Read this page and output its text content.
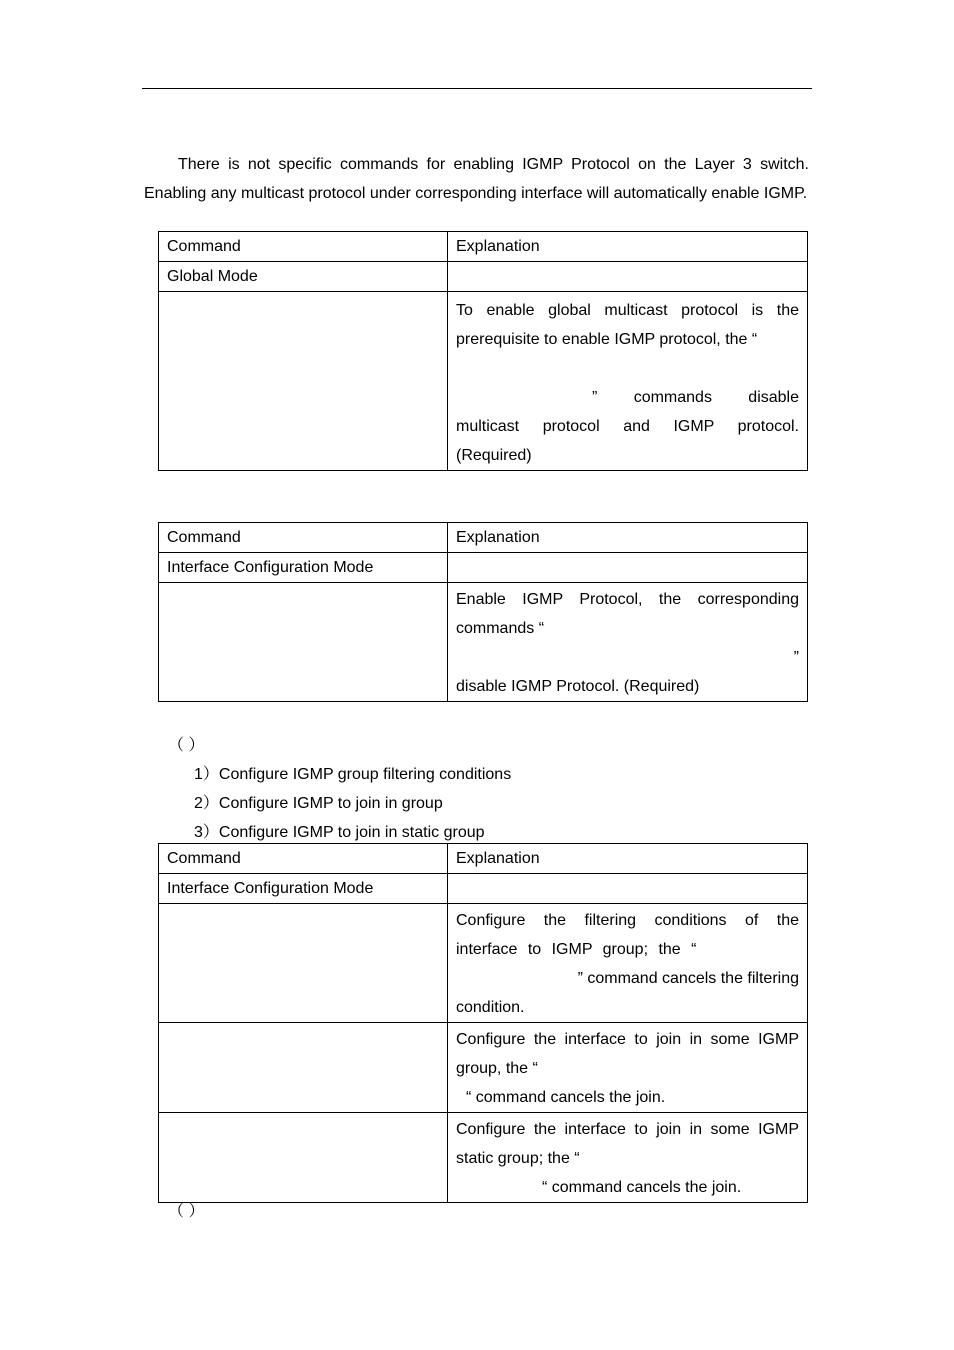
There is not specific commands for enabling IGMP Protocol on the Layer 3 switch. Enabling any multicast protocol under corresponding interface will automatically enable IGMP.

Command	Explanation
Global Mode	

	To enable global multicast protocol is the
prerequisite to enable IGMP protocol, the “
” commands disable
multicast protocol and IGMP protocol.
(Required)
Command	Explanation
Interface Configuration Mode	

	Enable IGMP Protocol, the corresponding
commands “
”
disable IGMP Protocol. (Required)

（ ）

1）Configure IGMP group filtering conditions

2）Configure IGMP to join in group

3）Configure IGMP to join in static group

Command	Explanation
Interface Configuration Mode	

	Configure the filtering conditions of the
interface to IGMP group; the “
” command cancels the filtering
condition.

	Configure the interface to join in some IGMP
group, the “
“ command cancels the join.

	Configure the interface to join in some IGMP
static group; the “
“ command cancels the join.

（ ）
